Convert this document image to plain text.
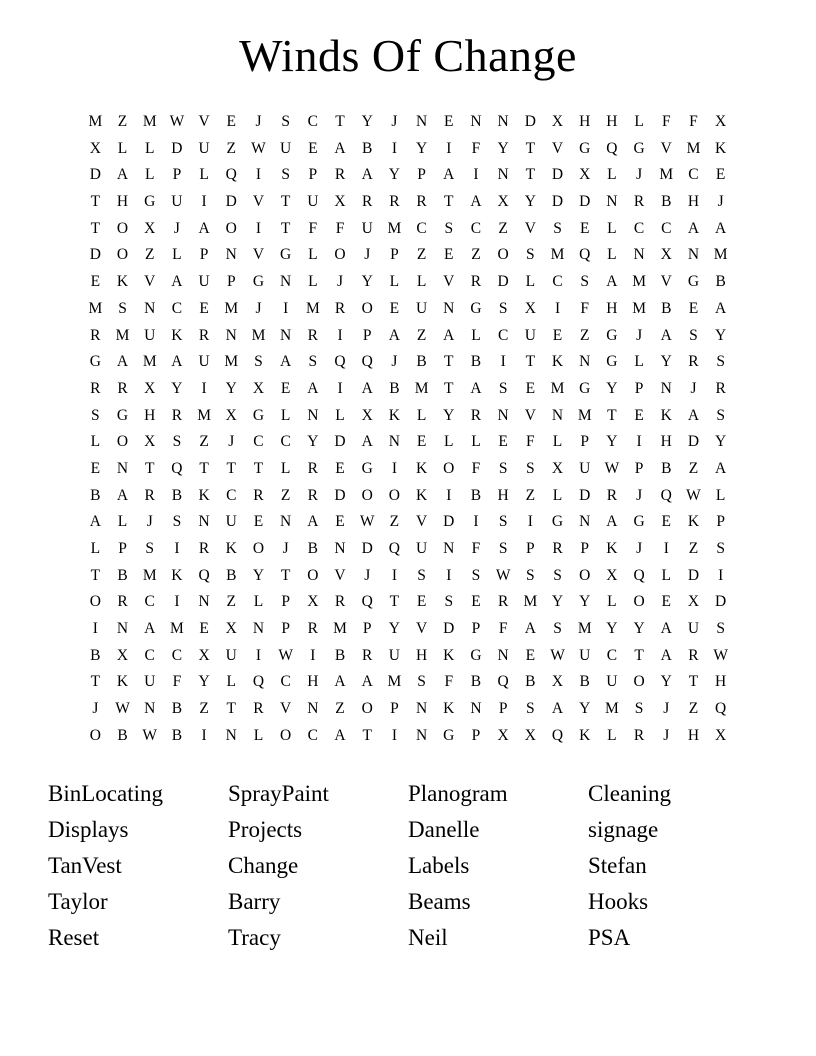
Winds Of Change
M	Z	M W V	E	J	S	C	T	Y	J	N	E	N	N	D	X	H	H	L	F	F	X
X	L	L	D	U	Z W U	E	A	B	I	Y	I	F	Y	T	V	G	Q	G	V M K
D	A	L	P	L	Q	I	S	P	R	A	Y	P	A	I	N	T	D	X	L	J	M C	E
T	H	G	U	I	D	V	T	U	X	R	R	R	T	A	X	Y	D	D	N	R	B	H	J
T	O	X	J	A	O	I	T	F	F	U M C	S	C	Z	V	S	E	L	C	C	A	A
D	O	Z	L	P	N	V	G	L	O	J	P	Z	E	Z	O	S	M Q	L	N	X	N M
E	K	V	A	U	P	G	N	L	J	Y	L	L	V	R	D	L	C	S	A M V	G	B
M	S	N	C	E	M	J	I	M R	O	E	U	N	G	S	X	I	F	H M B	E	A
R M U	K	R	N M N	R	I	P	A	Z	A	L	C	U	E	Z	G	J	A	S	Y
G	A M A	U M	S	A	S	Q	Q	J	B	T	B	I	T	K	N	G	L	Y	R	S
R	R	X	Y	I	Y	X	E	A	I	A	B M	T	A	S	E	M G	Y	P	N	J	R
S	G	H	R M X	G	L	N	L	X	K	L	Y	R	N	V	N M	T	E	K	A	S
L	O	X	S	Z	J	C	C	Y	D	A	N	E	L	L	E	F	L	P	Y	I	H	D	Y
E	N	T	Q	T	T	T	L	R	E	G	I	K	O	F	S	S	X	U W	P	B	Z	A
B	A	R	B	K	C	R	Z	R	D	O	O	K	I	B	H	Z	L	D	R	J	Q W L
A	L	J	S	N	U	E	N	A	E W Z	V	D	I	S	I	G	N	A	G	E	K	P
L	P	S	I	R	K	O	J	B	N	D	Q	U	N	F	S	P	R	P	K	J	I	Z	S
T	B M K	Q	B	Y	T	O	V	J	I	S	I	S	W	S	S	O	X	Q	L	D	I
O	R	C	I	N	Z	L	P	X	R	Q	T	E	S	E	R M Y	Y	L	O	E	X	D
I	N	A M	E	X	N	P	R M	P	Y	V	D	P	F	A	S	M Y	Y	A	U	S
B	X	C	C	X	U	I	W	I	B	R	U	H	K	G	N	E W U	C	T	A	R W
T	K	U	F	Y	L	Q	C	H	A	A M	S	F	B	Q	B	X	B	U	O	Y	T	H
J	W N	B	Z	T	R	V	N	Z	O	P	N	K	N	P	S	A	Y M	S	J	Z	Q
O	B W B	I	N	L	O	C	A	T	I	N	G	P	X	X	Q	K	L	R	J	H	X
BinLocating	SprayPaint	Planogram	Cleaning
Displays	Projects	Danelle	signage
TanVest	Change	Labels	Stefan
Taylor	Barry	Beams	Hooks
Reset	Tracy	Neil	PSA
